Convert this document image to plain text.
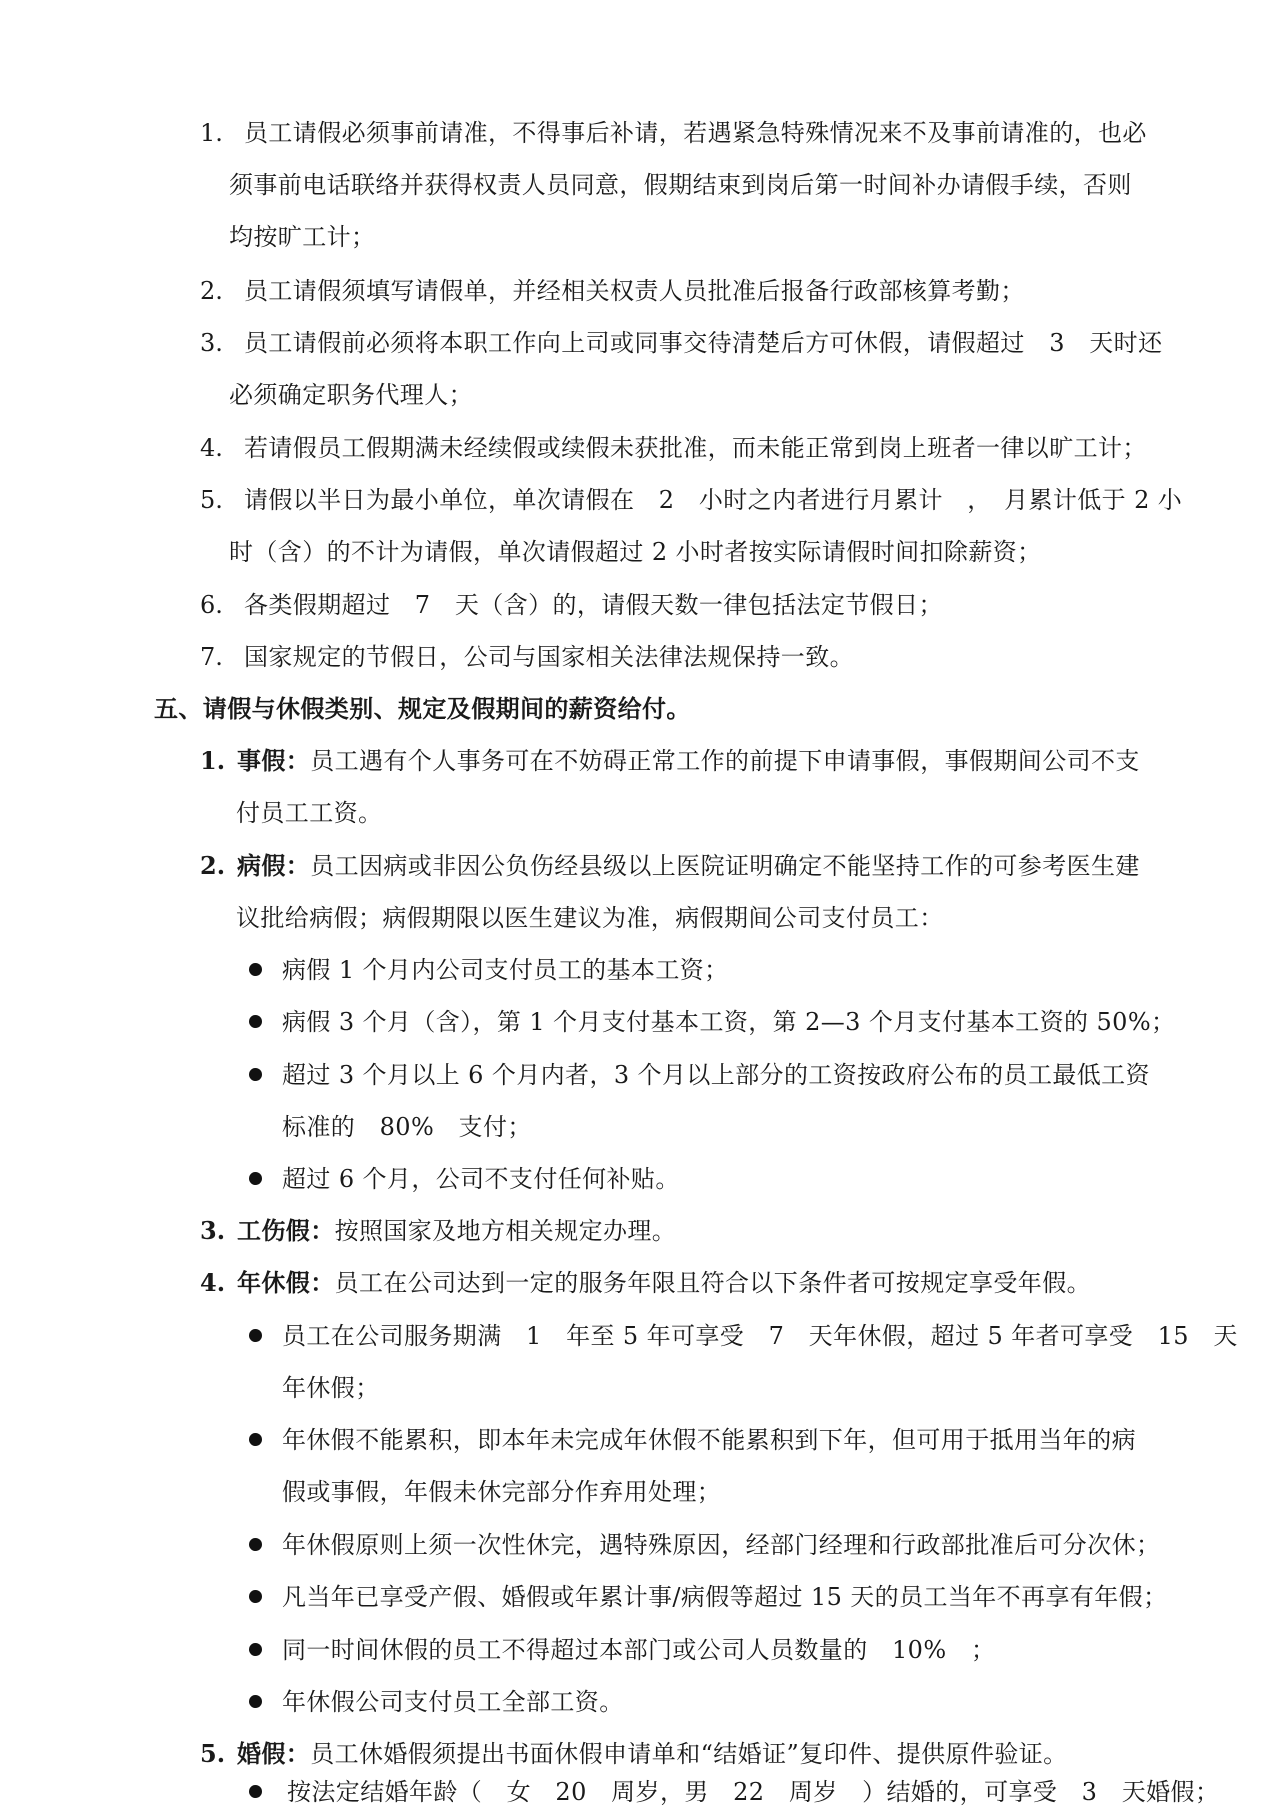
1. 员工请假必须事前请准，不得事后补请，若遇紧急特殊情况来不及事前请准的，也必

须事前电话联络并获得权责人员同意，假期结束到岗后第一时间补办请假手续，否则

均按旷工计；

2. 员工请假须填写请假单，并经相关权责人员批准后报备行政部核算考勤；

3. 员工请假前必须将本职工作向上司或同事交待清楚后方可休假，请假超过　3　天时还

必须确定职务代理人；

4. 若请假员工假期满未经续假或续假未获批准，而未能正常到岗上班者一律以旷工计；

5. 请假以半日为最小单位，单次请假在　2　小时之内者进行月累计　，　月累计低于 2 小

时（含）的不计为请假，单次请假超过 2 小时者按实际请假时间扣除薪资；

6. 各类假期超过　7　天（含）的，请假天数一律包括法定节假日；

7. 国家规定的节假日，公司与国家相关法律法规保持一致。

五、请假与休假类别、规定及假期间的薪资给付。

1. 事假：员工遇有个人事务可在不妨碍正常工作的前提下申请事假，事假期间公司不支

付员工工资。

2. 病假：员工因病或非因公负伤经县级以上医院证明确定不能坚持工作的可参考医生建

议批给病假；病假期限以医生建议为准，病假期间公司支付员工：

病假 1 个月内公司支付员工的基本工资；

病假 3 个月（含），第 1 个月支付基本工资，第 2—3 个月支付基本工资的 50%；

超过 3 个月以上 6 个月内者，3 个月以上部分的工资按政府公布的员工最低工资

标准的　80%　支付；

超过 6 个月，公司不支付任何补贴。

3. 工伤假：按照国家及地方相关规定办理。

4. 年休假：员工在公司达到一定的服务年限且符合以下条件者可按规定享受年假。

员工在公司服务期满　1　年至 5 年可享受　7　天年休假，超过 5 年者可享受　15　天

年休假；

年休假不能累积，即本年未完成年休假不能累积到下年，但可用于抵用当年的病

假或事假，年假未休完部分作弃用处理；

年休假原则上须一次性休完，遇特殊原因，经部门经理和行政部批准后可分次休；

凡当年已享受产假、婚假或年累计事/病假等超过 15 天的员工当年不再享有年假；

同一时间休假的员工不得超过本部门或公司人员数量的　10%　；

年休假公司支付员工全部工资。

5. 婚假：员工休婚假须提出书面休假申请单和“结婚证”复印件、提供原件验证。

按法定结婚年龄（　女　20　周岁，男　22　周岁　）结婚的，可享受　3　天婚假；
